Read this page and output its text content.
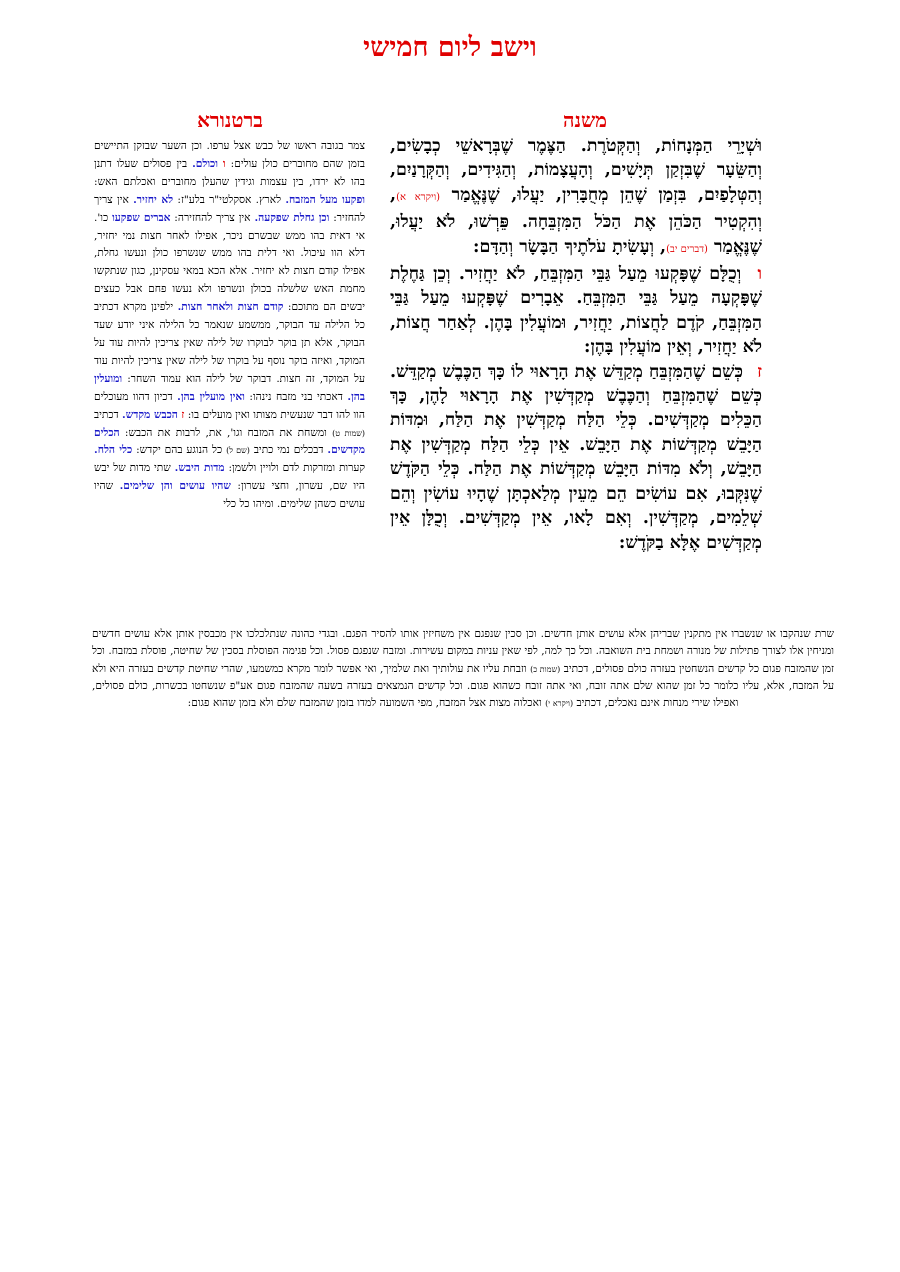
וישב ליום חמישי
משנה
ברטנורא

וּשְׁיָרֵי הַמְּנָחוֹת, וְהַקְּטֹרֶת. הַצֶּמֶר שֶׁבְּרָאשֵׁי כְבָשִׂים, וְהַשֵּׂעָר שֶׁבִּזְקַן תְּיָשִׁים, וְהָעֲצָמוֹת, וְהַגִּידִים, וְהַקְּרָנַיִם, וְהַטְּלָפַיִם, בִּזְמַן שֶׁהֵן מְחֻבָּרִין, יַעֲלוּ, שֶׁנֶּאֱמַר (ויקרא א), וְהִקְטִיר הַכֹּהֵן אֶת הַכֹּל הַמִּזְבֵּחָה. פֵּרְשׁוּ, לֹא יַעֲלוּ, שֶׁנֶּאֱמַר (דברים יב), וְעָשִׂיתָ עֹלֹתֶיךָ הַבָּשָׂר וְהַדָּם:

ו וְכֻלָּם שֶׁפָּקְעוּ מֵעַל גַּבֵּי הַמִּזְבֵּחַ, לֹא יַחֲזִיר. וְכֵן גַּחֶלֶת שֶׁפָּקְעָה מֵעַל גַּבֵּי הַמִּזְבֵּחַ. אֵבָרִים שֶׁפָּקְעוּ מֵעַל גַּבֵּי הַמִּזְבֵּחַ, קֹדֶם לַחֲצוֹת, יַחֲזִיר, וּמוֹעֲלִין בָּהֶן. לְאַחַר חֲצוֹת, לֹא יַחֲזִיר, וְאֵין מוֹעֲלִין בָּהֶן:

ז כְּשֵׁם שֶׁהַמִּזְבֵּחַ מְקַדֵּשׁ אֶת הָרָאוּי לוֹ כָּךְ הַכֶּבֶשׁ מְקַדֵּשׁ. כְּשֵׁם שֶׁהַמִּזְבֵּחַ וְהַכֶּבֶשׁ מְקַדְּשִׁין אֶת הָרָאוּי לָהֶן, כָּךְ הַכֵּלִים מְקַדְּשִׁים. כְּלֵי הַלַּח מְקַדְּשִׁין אֶת הַלַּח, וּמִדּוֹת הַיָּבֵשׁ מְקַדְּשׁוֹת אֶת הַיָּבֵשׁ. אֵין כְּלֵי הַלַּח מְקַדְּשִׁין אֶת הַיָּבֵשׁ, וְלֹא מִדּוֹת הַיָּבֵשׁ מְקַדְּשׁוֹת אֶת הַלַּח. כְּלֵי הַקֹּדֶשׁ שֶׁנִּקְּבוּ, אִם עוֹשִׂים הֵם מֵעֵין מְלַאכְתָּן שֶׁהָיוּ עוֹשִׂין וְהֵם שְׁלֵמִים, מְקַדְּשִׁין. וְאִם לָאו, אֵין מְקַדְּשִׁים. וְכֻלָּן אֵין מְקַדְּשִׁים אֶלָּא בַקֹּדֶשׁ:

צמר בגובה ראשו של כבש אצל ערפו. וכן השער שבזקן התיישים בזמן שהם מחוברים כולן עולים: ו וכולם. בין פסולים שעלו דתנן בהו לא ירדו, בין עצמות וגידין שהעלן מחוברים ואכלתם האש: ופקעו מעל המזבח. לארץ. אסקלטי"ר בלע"ז: לא יחזיר. אין צריך להחזיר: וכן גחלת שפקעה. אין צריך להחזירה: אברים שפקעו כו'. אי דאית בהו ממש שבשרם ניכר, אפילו לאחר חצות נמי יחזיר, דלא הוו עיכול. ואי דלית בהו ממש שנשרפו כולן ונעשו גחלת, אפילו קודם חצות לא יחזיר. אלא הכא במאי עסקינן, כגון שנתקשו מחמת האש שלשלה בכולן ונשרפו ולא נעשו פחם אבל כעצים יבשים הם מתוכם: קודם חצות ולאחר חצות. ילפינן מקרא דכתיב כל הלילה עד הבוקר, ממשמע שנאמר כל הלילה איני יודע שעד הבוקר, אלא תן בוקר לבוקרו של לילה שאין צריכין להיות עוד על המוקד, ואיזה בוקר נוסף על בוקרו של לילה שאין צריכין להיות עוד על המוקד, זה חצות. דבוקר של לילה הוא עמוד השחר: ומועלין בהן. דאכתי בני מזבח נינהו: ואין מועלין בהן. דכיון דהוו מעוכלים הוו להו דבר שנעשית מצותו ואין מועלים בו: ז הכבש מקדש. דכתיב (שמות ט) ומשחת את המזבח וגו', את, לרבות את הכבש: הכלים מקדשים. דבכלים נמי כתיב (שם ל) כל הנוגע בהם יקדש: כלי הלח. קערות ומזרקות לדם ולויין ולשמן: מדות היבש. שתי מדות של יבש היו שם, עשרון, וחצי עשרון: שהיו עושים והן שלימים. שהיו עושים כשהן שלימים. ומיהו כל כלי
שרת שנהקבו או שנשברו אין מתקנין שבריהן אלא עושים אותן חדשים. וכן סכין שנפגם אין משחיזין אותו להסיר הפגם. ובגדי כהונה שנתלכלכו אין מכבסין אותן אלא עושים חדשים ומניחין אלו לצורך פתילות של מנורה ושמחת בית השואבה. וכל כך למה, לפי שאין עניות במקום עשירות. ומזבח שנפגם פסול. וכל פגימה הפוסלת בסכין של שחיטה, פוסלת במזבח. וכל זמן שהמזבח פגום כל קדשים הנשחטין בעזרה כולם פסולים, דכתיב (שמות כ) וזבחת עליו את עולותיך ואת שלמיך, ואי אפשר לומר מקרא כמשמעו, שהרי שחיטת קדשים בעזרה היא ולא על המזבח, אלא, עליו כלומר כל זמן שהוא שלם אתה זובח, ואי אתה זובח כשהוא פגום. וכל קדשים הנמצאים בעזרה בשעה שהמזבח פגום אע"פ שנשחטו בכשרות, כולם פסולים, ואפילו שירי מנחות אינם נאכלים, דכתיב (ויקרא י) ואכלוה מצות אצל המזבח, מפי השמועה למדו בזמן שהמזבח שלם ולא בזמן שהוא פגום:
